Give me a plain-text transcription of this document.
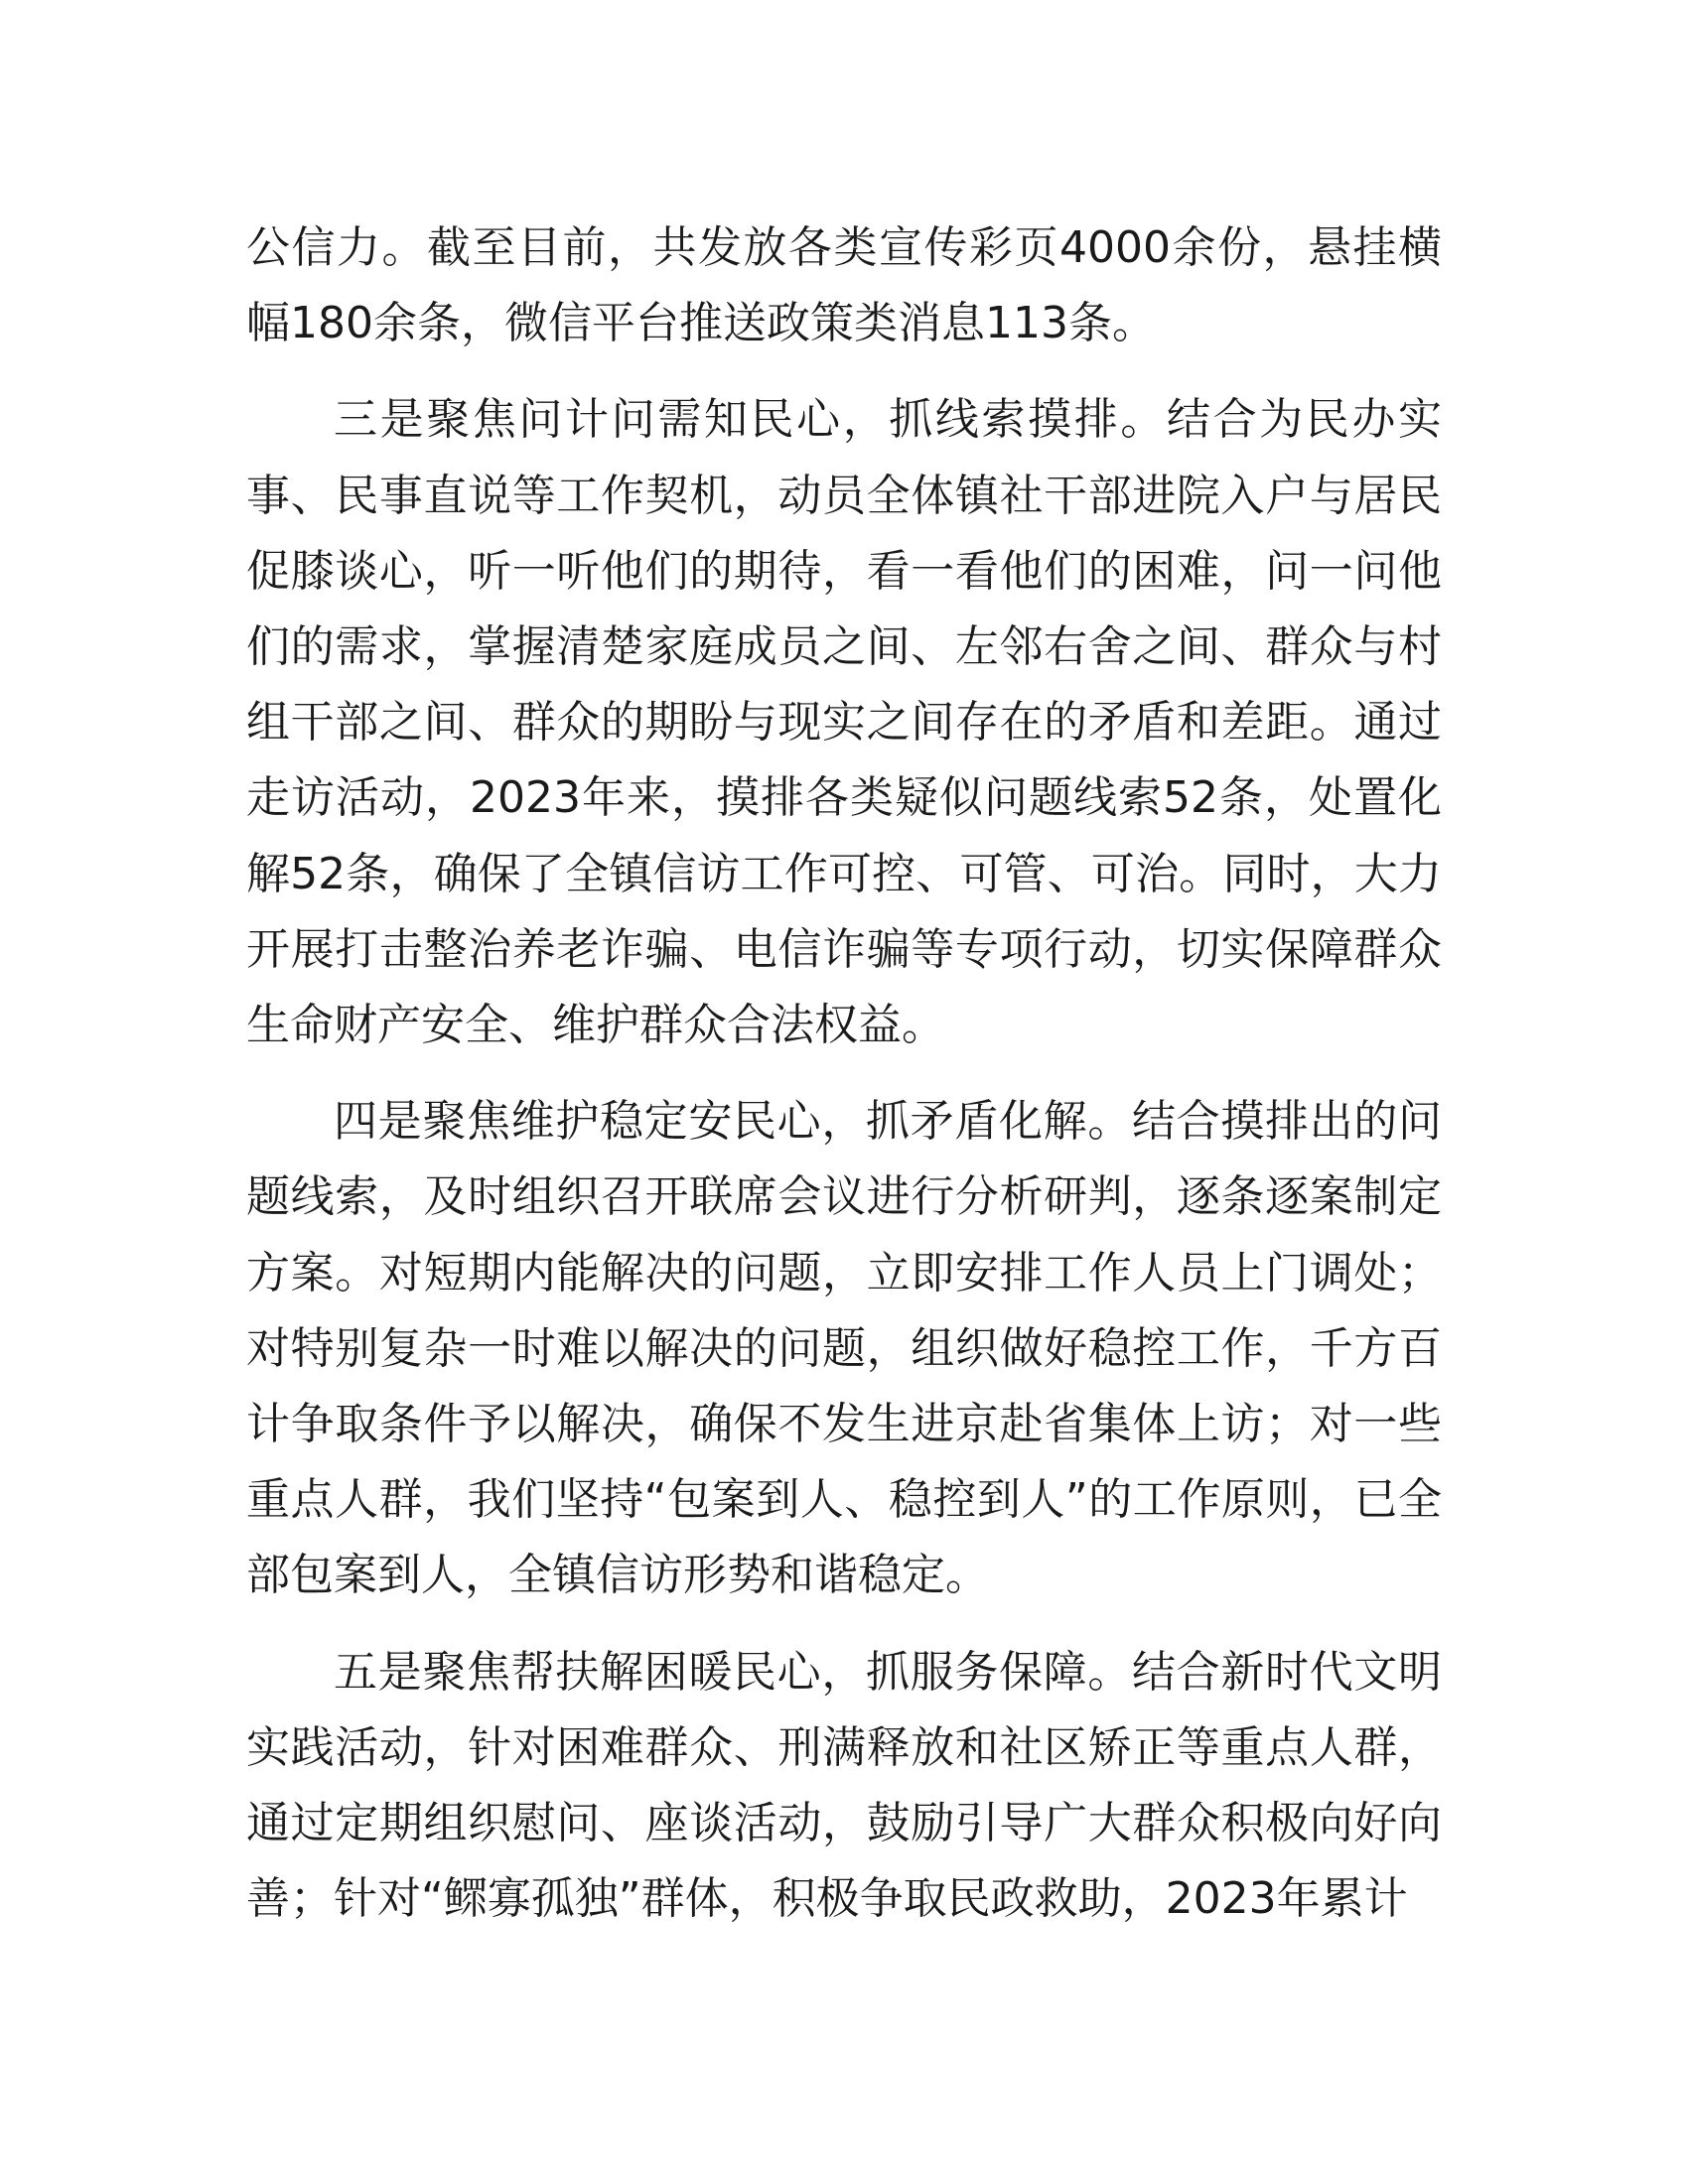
公信力。截至目前，共发放各类宣传彩页4000余份，悬挂横幅180余条，微信平台推送政策类消息113条。

三是聚焦问计问需知民心，抓线索摸排。结合为民办实事、民事直说等工作契机，动员全体镇社干部进院入户与居民促膝谈心，听一听他们的期待，看一看他们的困难，问一问他们的需求，掌握清楚家庭成员之间、左邻右舍之间、群众与村组干部之间、群众的期盼与现实之间存在的矛盾和差距。通过走访活动，2023年来，摸排各类疑似问题线索52条，处置化解52条，确保了全镇信访工作可控、可管、可治。同时，大力开展打击整治养老诈骗、电信诈骗等专项行动，切实保障群众生命财产安全、维护群众合法权益。

四是聚焦维护稳定安民心，抓矛盾化解。结合摸排出的问题线索，及时组织召开联席会议进行分析研判，逐条逐案制定方案。对短期内能解决的问题，立即安排工作人员上门调处；对特别复杂一时难以解决的问题，组织做好稳控工作，千方百计争取条件予以解决，确保不发生进京赴省集体上访；对一些重点人群，我们坚持“包案到人、稳控到人”的工作原则，已全部包案到人，全镇信访形势和谐稳定。

五是聚焦帮扶解困暖民心，抓服务保障。结合新时代文明实践活动，针对困难群众、刑满释放和社区矫正等重点人群，通过定期组织慰问、座谈活动，鼓励引导广大群众积极向好向善；针对“鳏寡孤独”群体，积极争取民政救助，2023年累计
